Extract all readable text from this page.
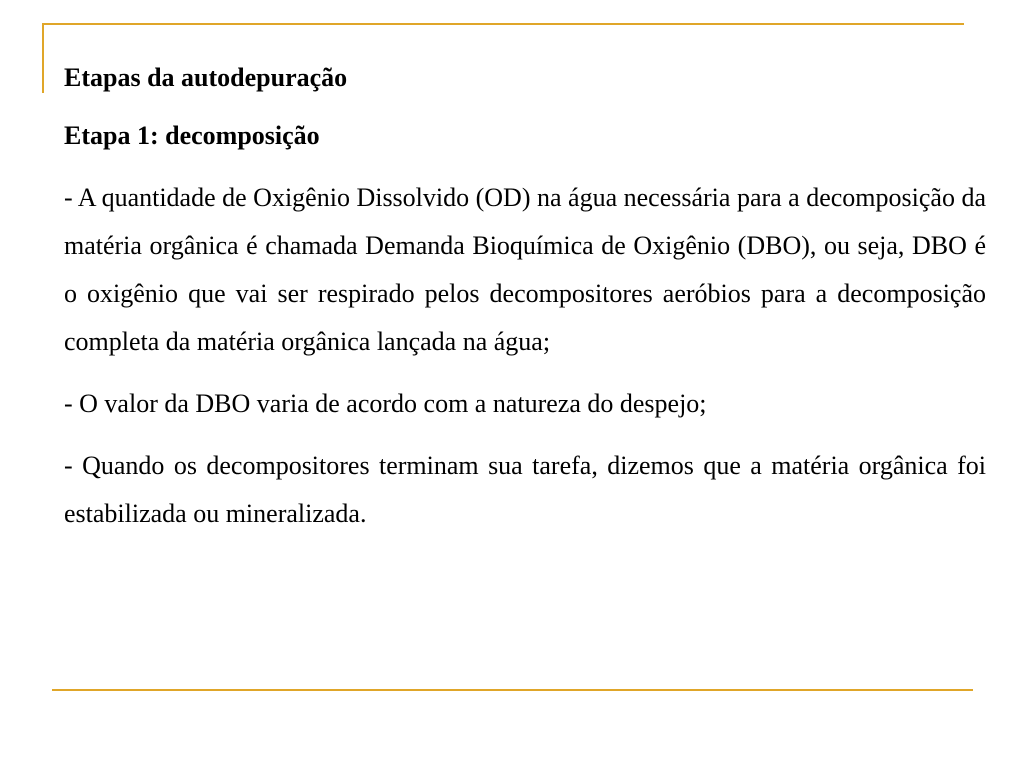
Etapas da autodepuração
Etapa 1: decomposição

- A quantidade de Oxigênio Dissolvido (OD) na água necessária para a decomposição da matéria orgânica é chamada Demanda Bioquímica de Oxigênio (DBO), ou seja, DBO é o oxigênio que vai ser respirado pelos decompositores aeróbios para a decomposição completa da matéria orgânica lançada na água;

- O valor da DBO varia de acordo com a natureza do despejo;

- Quando os decompositores terminam sua tarefa, dizemos que a matéria orgânica foi estabilizada ou mineralizada.
